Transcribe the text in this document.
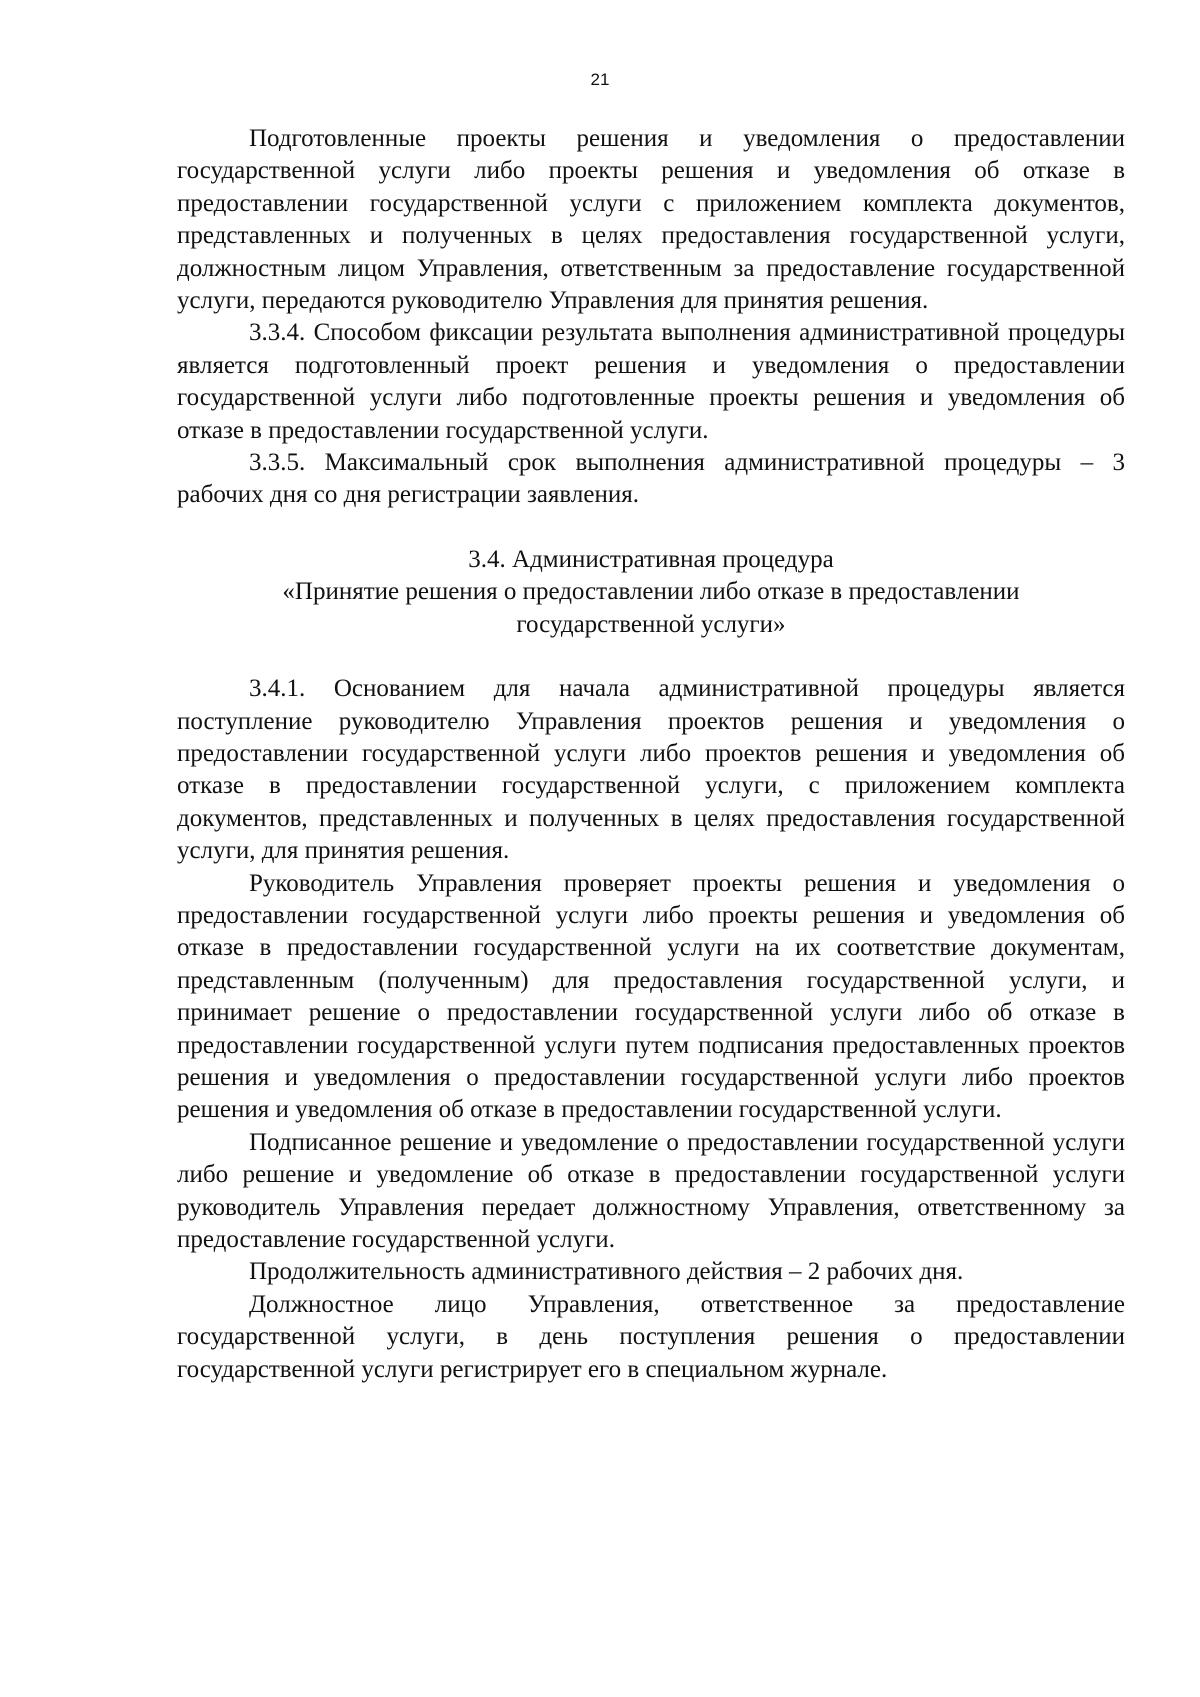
21

Подготовленные проекты решения и уведомления о предоставлении государственной услуги либо проекты решения и уведомления об отказе в предоставлении государственной услуги с приложением комплекта документов, представленных и полученных в целях предоставления государственной услуги, должностным лицом Управления, ответственным за предоставление государственной услуги, передаются руководителю Управления для принятия решения.

3.3.4. Способом фиксации результата выполнения административной процедуры является подготовленный проект решения и уведомления о предоставлении государственной услуги либо подготовленные проекты решения и уведомления об отказе в предоставлении государственной услуги.

3.3.5. Максимальный срок выполнения административной процедуры – 3 рабочих дня со дня регистрации заявления.

3.4. Административная процедура
«Принятие решения о предоставлении либо отказе в предоставлении
государственной услуги»

3.4.1. Основанием для начала административной процедуры является поступление руководителю Управления проектов решения и уведомления о предоставлении государственной услуги либо проектов решения и уведомления об отказе в предоставлении государственной услуги, с приложением комплекта документов, представленных и полученных в целях предоставления государственной услуги, для принятия решения.

Руководитель Управления проверяет проекты решения и уведомления о предоставлении государственной услуги либо проекты решения и уведомления об отказе в предоставлении государственной услуги на их соответствие документам, представленным (полученным) для предоставления государственной услуги, и принимает решение о предоставлении государственной услуги либо об отказе в предоставлении государственной услуги путем подписания предоставленных проектов решения и уведомления о предоставлении государственной услуги либо проектов решения и уведомления об отказе в предоставлении государственной услуги.

Подписанное решение и уведомление о предоставлении государственной услуги либо решение и уведомление об отказе в предоставлении государственной услуги руководитель Управления передает должностному Управления, ответственному за предоставление государственной услуги.

Продолжительность административного действия – 2 рабочих дня.

Должностное лицо Управления, ответственное за предоставление государственной услуги, в день поступления решения о предоставлении государственной услуги регистрирует его в специальном журнале.
